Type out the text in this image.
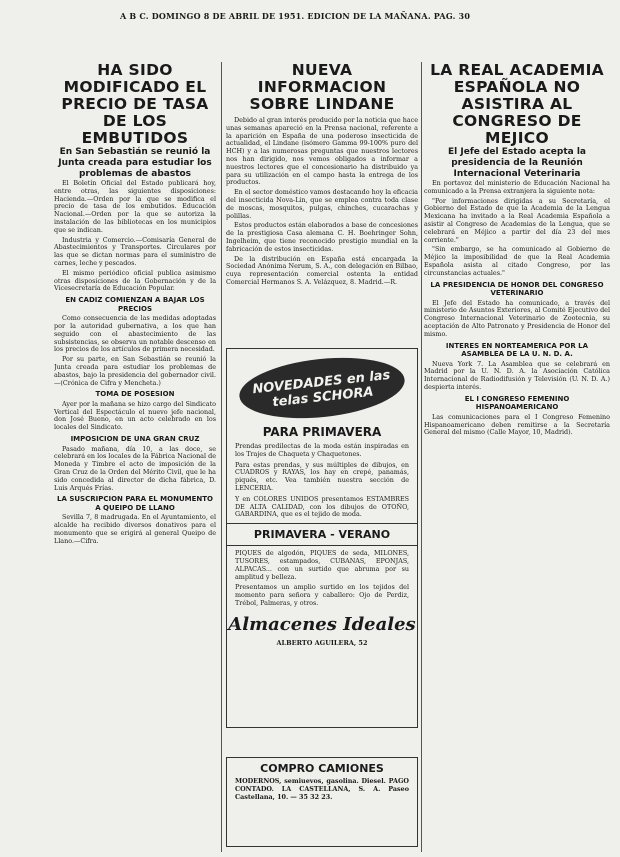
A B C. DOMINGO 8 DE ABRIL DE 1951. EDICION DE LA MAÑANA. PAG. 30
HA SIDO MODIFICADO EL PRECIO DE TASA DE LOS EMBUTIDOS
En San Sebastián se reunió la Junta creada para estudiar los problemas de abastos

El Boletín Oficial del Estado publicará hoy, entre otras, las siguientes disposiciones: Hacienda.—Orden por la que se modifica el precio de tasa de los embutidos. Educación Nacional.—Orden por la que se autoriza la instalación de las bibliotecas en los municipios que se indican.

Industria y Comercio.—Comisaría General de Abastecimientos y Transportes. Circulares por las que se dictan normas para el suministro de carnes, leche y pescados.

El mismo periódico oficial publica asimismo otras disposiciones de la Gobernación y de la Vicesecretaría de Educación Popular.

EN CADIZ COMIENZAN A BAJAR LOS PRECIOS

Como consecuencia de las medidas adoptadas por la autoridad gubernativa, a los que han seguido con el abastecimiento de las subsistencias, se observa un notable descenso en los precios de los artículos de primera necesidad.

Por su parte, en San Sebastián se reunió la Junta creada para estudiar los problemas de abastos, bajo la presidencia del gobernador civil.—(Crónica de Cifra y Mencheta.)

TOMA DE POSESION

Ayer por la mañana se hizo cargo del Sindicato Vertical del Espectáculo el nuevo jefe nacional, don José Bueno, en un acto celebrado en los locales del Sindicato.

IMPOSICION DE UNA GRAN CRUZ

Pasado mañana, día 10, a las doce, se celebrará en los locales de la Fábrica Nacional de Moneda y Timbre el acto de imposición de la Gran Cruz de la Orden del Mérito Civil, que le ha sido concedida al director de dicha fábrica, D. Luis Arqués Frías.

LA SUSCRIPCION PARA EL MONUMENTO A QUEIPO DE LLANO

Sevilla 7, 8 madrugada. En el Ayuntamiento, el alcalde ha recibido diversos donativos para el monumento que se erigirá al general Queipo de Llano.—Cifra.

NUEVA INFORMACION SOBRE LINDANE

Debido al gran interés producido por la noticia que hace unas semanas apareció en la Prensa nacional, referente a la aparición en España de una poderoso insecticida de actualidad, el Lindane (isómero Gamma 99-100% puro del HCH) y a las numerosas preguntas que nuestros lectores nos han dirigido, nos vemos obligados a informar a nuestros lectores que el concesionario ha distribuido ya para su utilización en el campo hasta la entrega de los productos.

En el sector doméstico vamos destacando hoy la eficacia del insecticida Nova-Lin, que se emplea contra toda clase de moscas, mosquitos, pulgas, chinches, cucarachas y polillas.

Estos productos están elaborados a base de concesiones de la prestigiosa Casa alemana C. H. Boehringer Sohn, Ingelheim, que tiene reconocido prestigio mundial en la fabricación de estos insecticidas.

De la distribución en España está encargada la Sociedad Anónima Nerum, S. A., con delegación en Bilbao, cuya representación comercial ostenta la entidad Comercial Hermanos S. A. Velázquez, 8. Madrid.—R.

NOVEDADES en las telas SCHORA
PARA PRIMAVERA

Prendas predilectas de la moda están inspiradas en los Trajes de Chaqueta y Chaquetones.

Para estas prendas, y sus múltiples de dibujos, en CUADROS y RAYAS, los hay en crepé, panamás, piqués, etc. Vea también nuestra sección de LENCERIA.

Y en COLORES UNIDOS presentamos ESTAMBRES DE ALTA CALIDAD, con los dibujos de OTOÑO, GABARDINA, que es el tejido de moda.

PRIMAVERA - VERANO

PIQUES de algodón, PIQUES de seda, MILONES, TUSORES, estampados, CUBANAS, EPONJAS, ALPACAS... con un surtido que abruma por su amplitud y belleza.

Presentamos un amplio surtido en los tejidos del momento para señora y caballero: Ojo de Perdiz, Trébol, Palmeras, y otros.

Almacenes Ideales
ALBERTO AGUILERA, 52
COMPRO CAMIONES

MODERNOS, semiuevos, gasolina. Diesel. PAGO CONTADO. LA CASTELLANA, S. A. Paseo Castellana, 10. — 35 32 23.

LA REAL ACADEMIA ESPAÑOLA NO ASISTIRA AL CONGRESO DE MEJICO
El Jefe del Estado acepta la presidencia de la Reunión Internacional Veterinaria

En portavoz del ministerio de Educación Nacional ha comunicado a la Prensa extranjera la siguiente nota:

"Por informaciones dirigidas a su Secretaría, el Gobierno del Estado de que la Academia de la Lengua Mexicana ha invitado a la Real Academia Española a asistir al Congreso de Academias de la Lengua, que se celebrará en Méjico a partir del día 23 del mes corriente."

"Sin embargo, se ha comunicado al Gobierno de Méjico la imposibilidad de que la Real Academia Española asista al citado Congreso, por las circunstancias actuales."

LA PRESIDENCIA DE HONOR DEL CONGRESO VETERINARIO

El Jefe del Estado ha comunicado, a través del ministerio de Asuntos Exteriores, al Comité Ejecutivo del Congreso Internacional Veterinario de Zootecnia, su aceptación de Alto Patronato y Presidencia de Honor del mismo.

INTERES EN NORTEAMERICA POR LA ASAMBLEA DE LA U. N. D. A.

Nueva York 7. La Asamblea que se celebrará en Madrid por la U. N. D. A. la Asociación Católica Internacional de Radiodifusión y Televisión (U. N. D. A.) despierta interés.

EL I CONGRESO FEMENINO HISPANOAMERICANO

Las comunicaciones para el I Congreso Femenino Hispanoamericano deben remitirse a la Secretaría General del mismo (Calle Mayor, 10, Madrid).
